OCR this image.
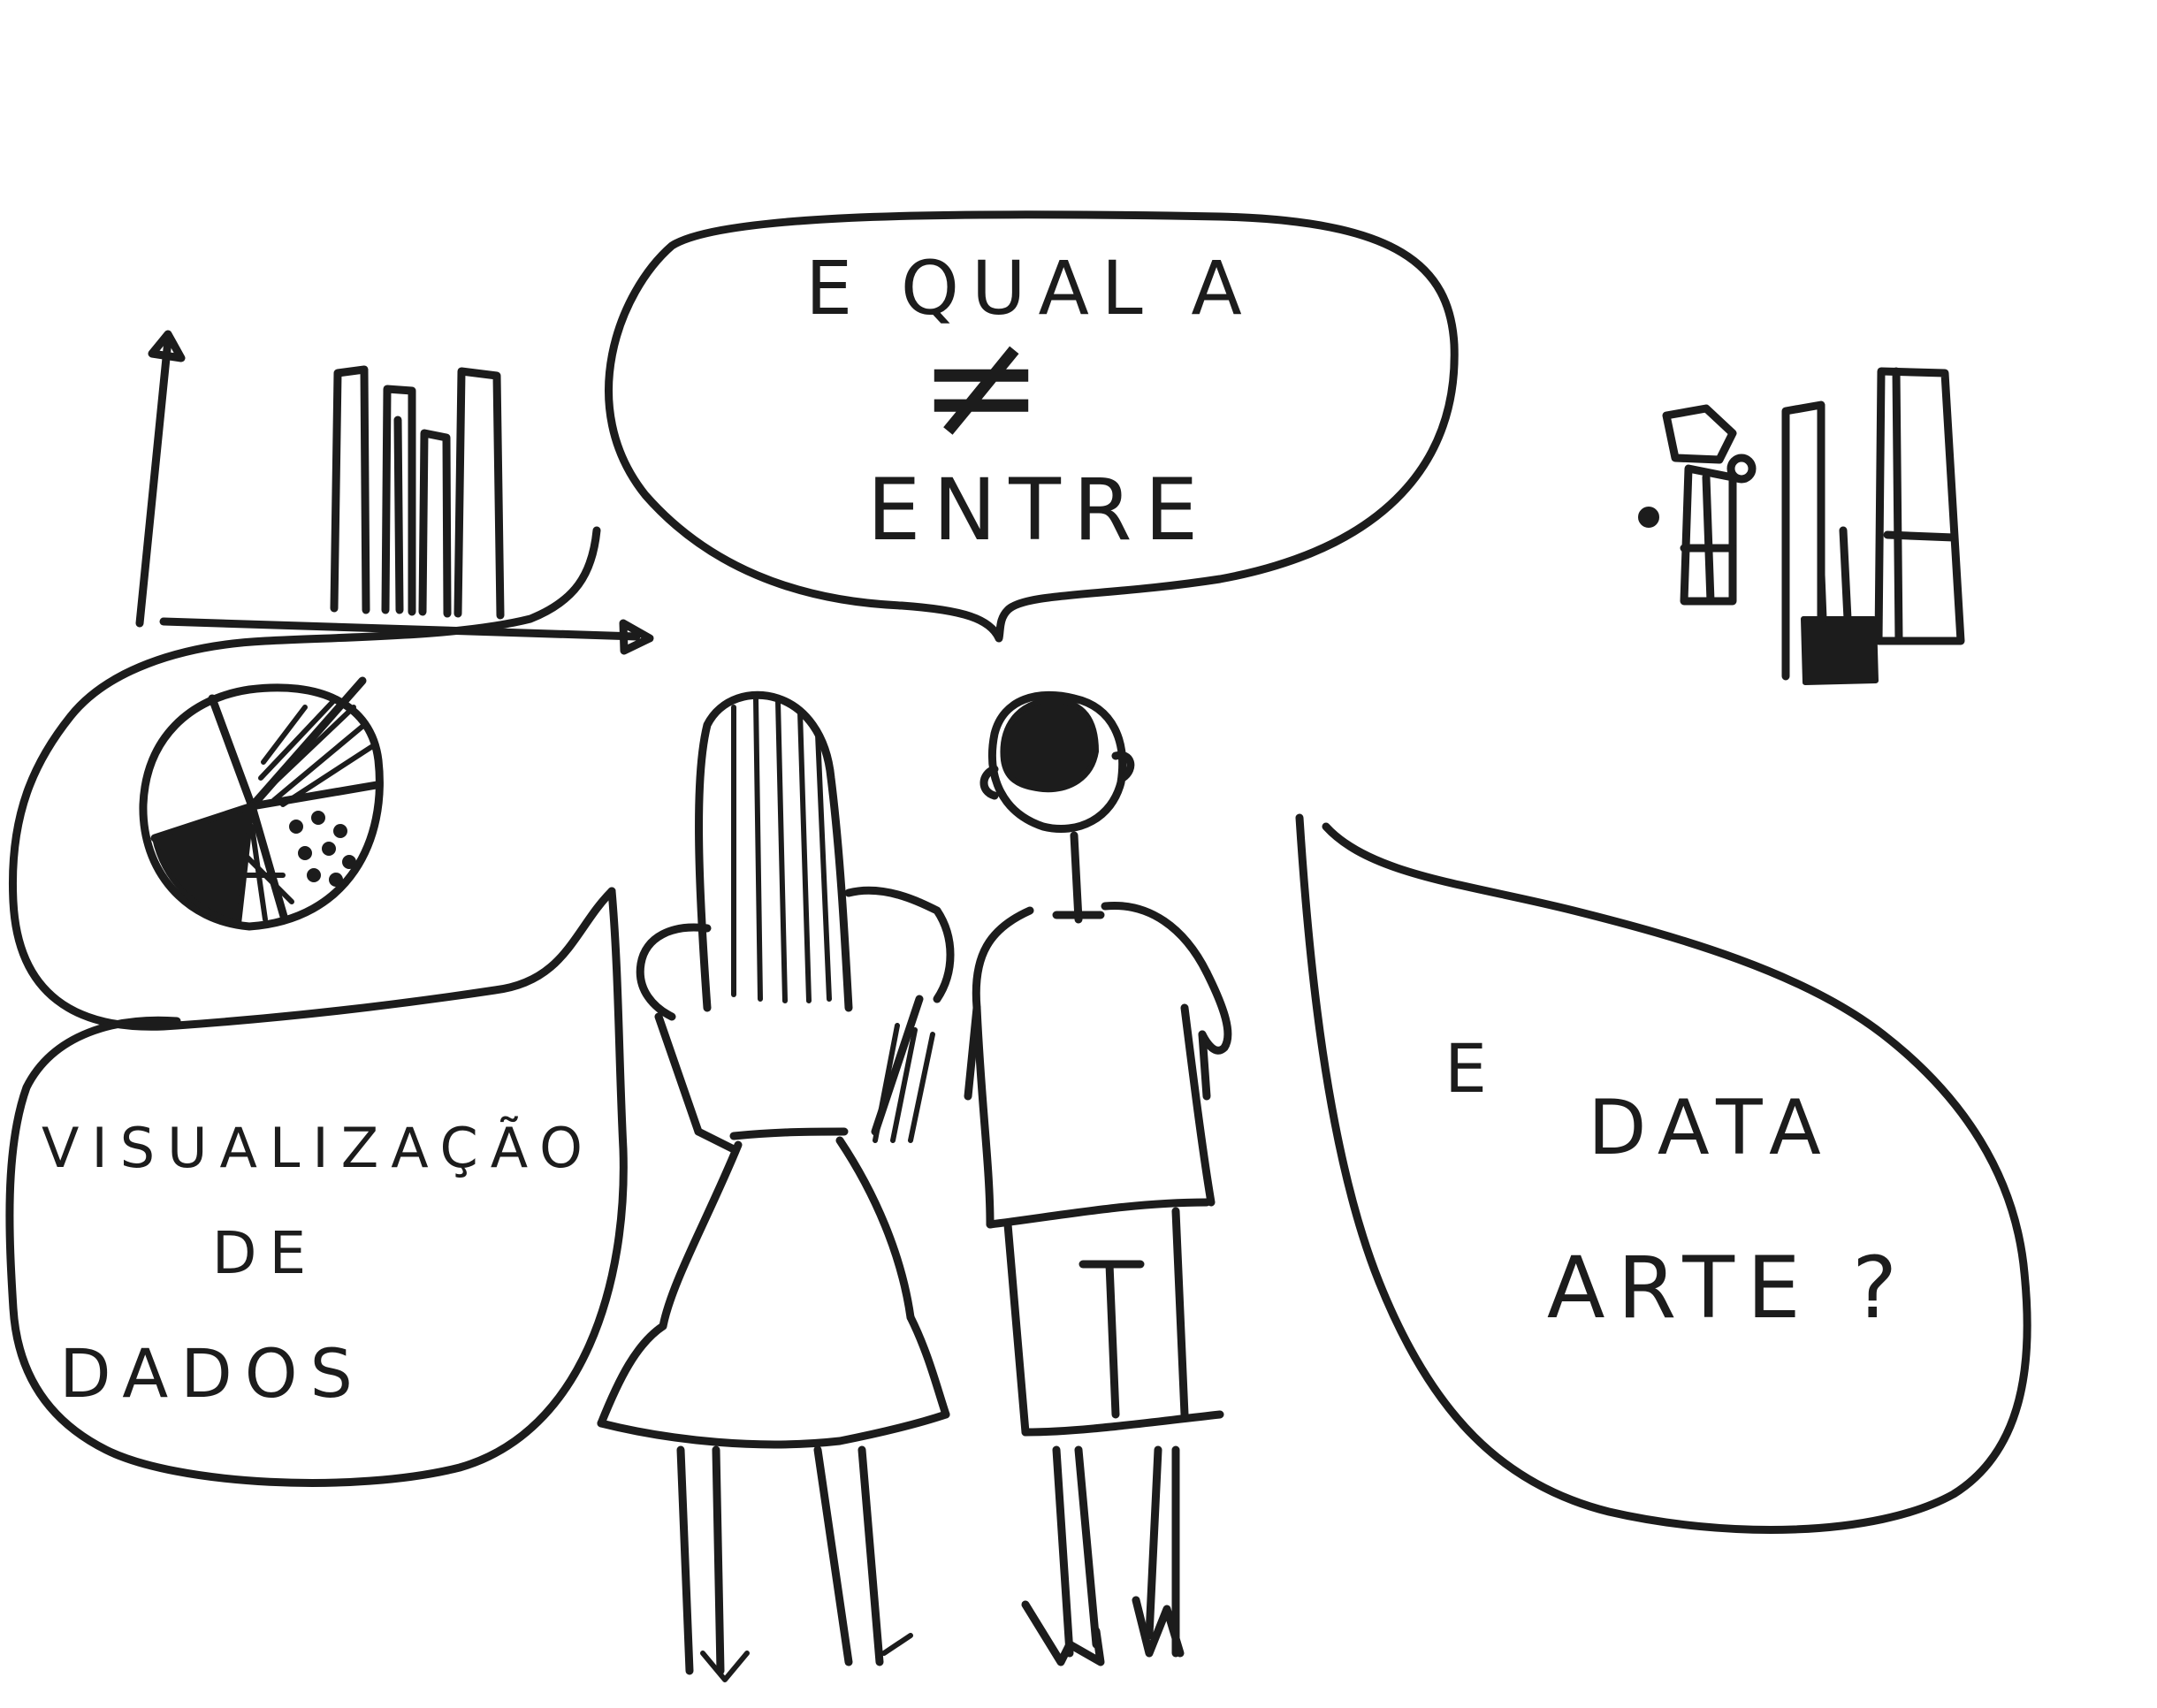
E QUAL A
≠
ENTRE
VISUALIZAÇÃO
DE
DADOS
E
DATA
ARTE ?
